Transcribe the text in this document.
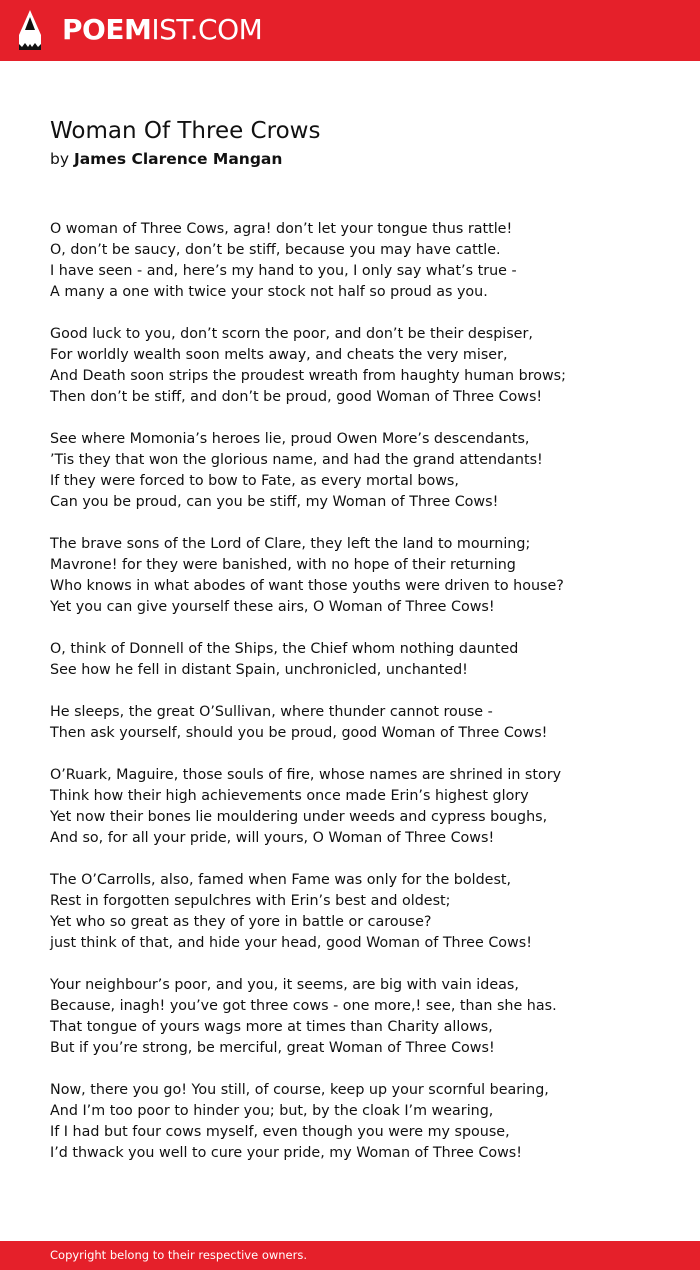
POEMIST.COM
Woman Of Three Crows
by James Clarence Mangan
O woman of Three Cows, agra! don’t let your tongue thus rattle!
O, don’t be saucy, don’t be stiff, because you may have cattle.
I have seen - and, here’s my hand to you, I only say what’s true -
A many a one with twice your stock not half so proud as you.
Good luck to you, don’t scorn the poor, and don’t be their despiser,
For worldly wealth soon melts away, and cheats the very miser,
And Death soon strips the proudest wreath from haughty human brows;
Then don’t be stiff, and don’t be proud, good Woman of Three Cows!
See where Momonia’s heroes lie, proud Owen More’s descendants,
’Tis they that won the glorious name, and had the grand attendants!
If they were forced to bow to Fate, as every mortal bows,
Can you be proud, can you be stiff, my Woman of Three Cows!
The brave sons of the Lord of Clare, they left the land to mourning;
Mavrone! for they were banished, with no hope of their returning
Who knows in what abodes of want those youths were driven to house?
Yet you can give yourself these airs, O Woman of Three Cows!
O, think of Donnell of the Ships, the Chief whom nothing daunted
See how he fell in distant Spain, unchronicled, unchanted!
He sleeps, the great O’Sullivan, where thunder cannot rouse -
Then ask yourself, should you be proud, good Woman of Three Cows!
O’Ruark, Maguire, those souls of fire, whose names are shrined in story
Think how their high achievements once made Erin’s highest glory
Yet now their bones lie mouldering under weeds and cypress boughs,
And so, for all your pride, will yours, O Woman of Three Cows!
The O’Carrolls, also, famed when Fame was only for the boldest,
Rest in forgotten sepulchres with Erin’s best and oldest;
Yet who so great as they of yore in battle or carouse?
just think of that, and hide your head, good Woman of Three Cows!
Your neighbour’s poor, and you, it seems, are big with vain ideas,
Because, inagh! you’ve got three cows - one more,! see, than she has.
That tongue of yours wags more at times than Charity allows,
But if you’re strong, be merciful, great Woman of Three Cows!
Now, there you go! You still, of course, keep up your scornful bearing,
And I’m too poor to hinder you; but, by the cloak I’m wearing,
If I had but four cows myself, even though you were my spouse,
I’d thwack you well to cure your pride, my Woman of Three Cows!
Copyright belong to their respective owners.
